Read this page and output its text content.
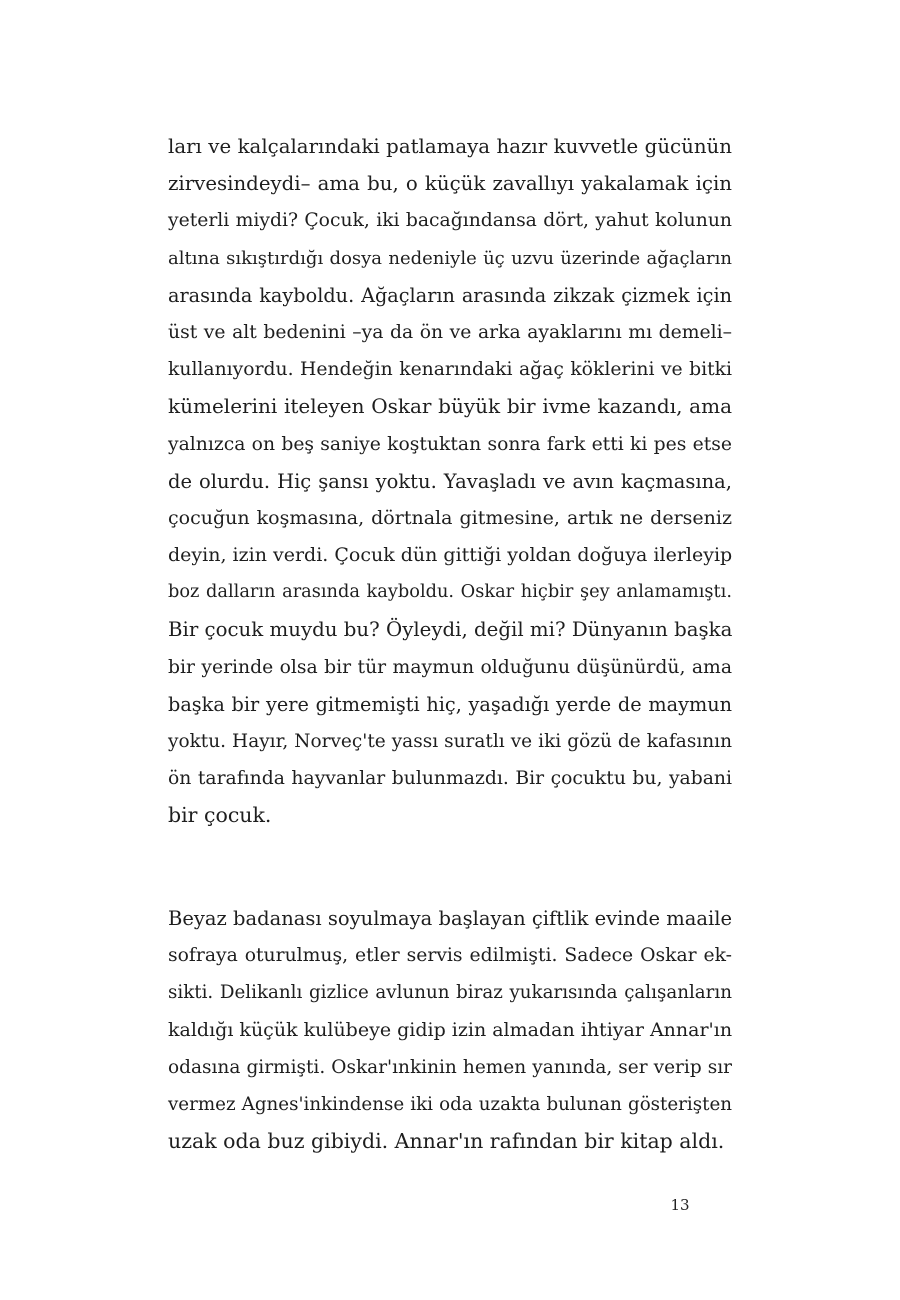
ları ve kalçalarındaki patlamaya hazır kuvvetle gücünün
zirvesindeydi– ama bu, o küçük zavallıyı yakalamak için
yeterli miydi? Çocuk, iki bacağındansa dört, yahut kolunun
altına sıkıştırdığı dosya nedeniyle üç uzvu üzerinde ağaçların
arasında kayboldu. Ağaçların arasında zikzak çizmek için
üst ve alt bedenini –ya da ön ve arka ayaklarını mı demeli–
kullanıyordu. Hendeğin kenarındaki ağaç köklerini ve bitki
kümelerini iteleyen Oskar büyük bir ivme kazandı, ama
yalnızca on beş saniye koştuktan sonra fark etti ki pes etse
de olurdu. Hiç şansı yoktu. Yavaşladı ve avın kaçmasına,
çocuğun koşmasına, dörtnala gitmesine, artık ne derseniz
deyin, izin verdi. Çocuk dün gittiği yoldan doğuya ilerleyip
boz dalların arasında kayboldu. Oskar hiçbir şey anlamamıştı.
Bir çocuk muydu bu? Öyleydi, değil mi? Dünyanın başka
bir yerinde olsa bir tür maymun olduğunu düşünürdü, ama
başka bir yere gitmemişti hiç, yaşadığı yerde de maymun
yoktu. Hayır, Norveç'te yassı suratlı ve iki gözü de kafasının
ön tarafında hayvanlar bulunmazdı. Bir çocuktu bu, yabani
bir çocuk.
Beyaz badanası soyulmaya başlayan çiftlik evinde maaile
sofraya oturulmuş, etler servis edilmişti. Sadece Oskar ek-
sikti. Delikanlı gizlice avlunun biraz yukarısında çalışanların
kaldığı küçük kulübeye gidip izin almadan ihtiyar Annar'ın
odasına girmişti. Oskar'ınkinin hemen yanında, ser verip sır
vermez Agnes'inkindense iki oda uzakta bulunan gösterişten
uzak oda buz gibiydi. Annar'ın rafından bir kitap aldı.
13
